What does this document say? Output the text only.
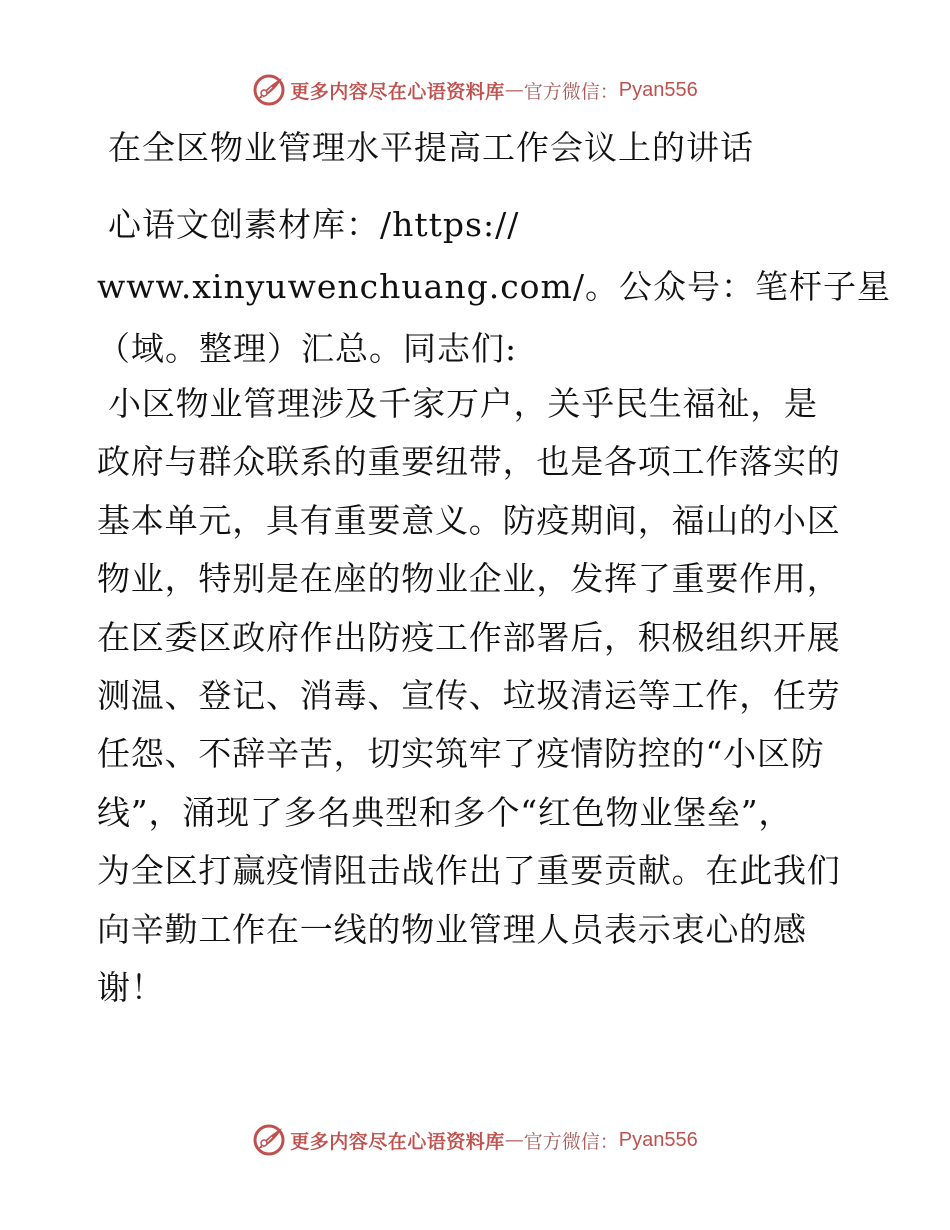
更多内容尽在心语资料库 — 官方微信： Pyan556
在全区物业管理水平提高工作会议上的讲话

心语文创素材库：/https://
www.xinyuwenchuang.com/。公众号：笔杆子星
（域。整理）汇总。同志们:

小区物业管理涉及千家万户，关乎民生福祉，是
政府与群众联系的重要纽带，也是各项工作落实的
基本单元，具有重要意义。防疫期间，福山的小区
物业，特别是在座的物业企业，发挥了重要作用，
在区委区政府作出防疫工作部署后，积极组织开展
测温、登记、消毒、宣传、垃圾清运等工作，任劳
任怨、不辞辛苦，切实筑牢了疫情防控的“小区防
线”，涌现了多名典型和多个“红色物业堡垒”，
为全区打赢疫情阻击战作出了重要贡献。在此我们
向辛勤工作在一线的物业管理人员表示衷心的感
谢！

更多内容尽在心语资料库 — 官方微信： Pyan556
